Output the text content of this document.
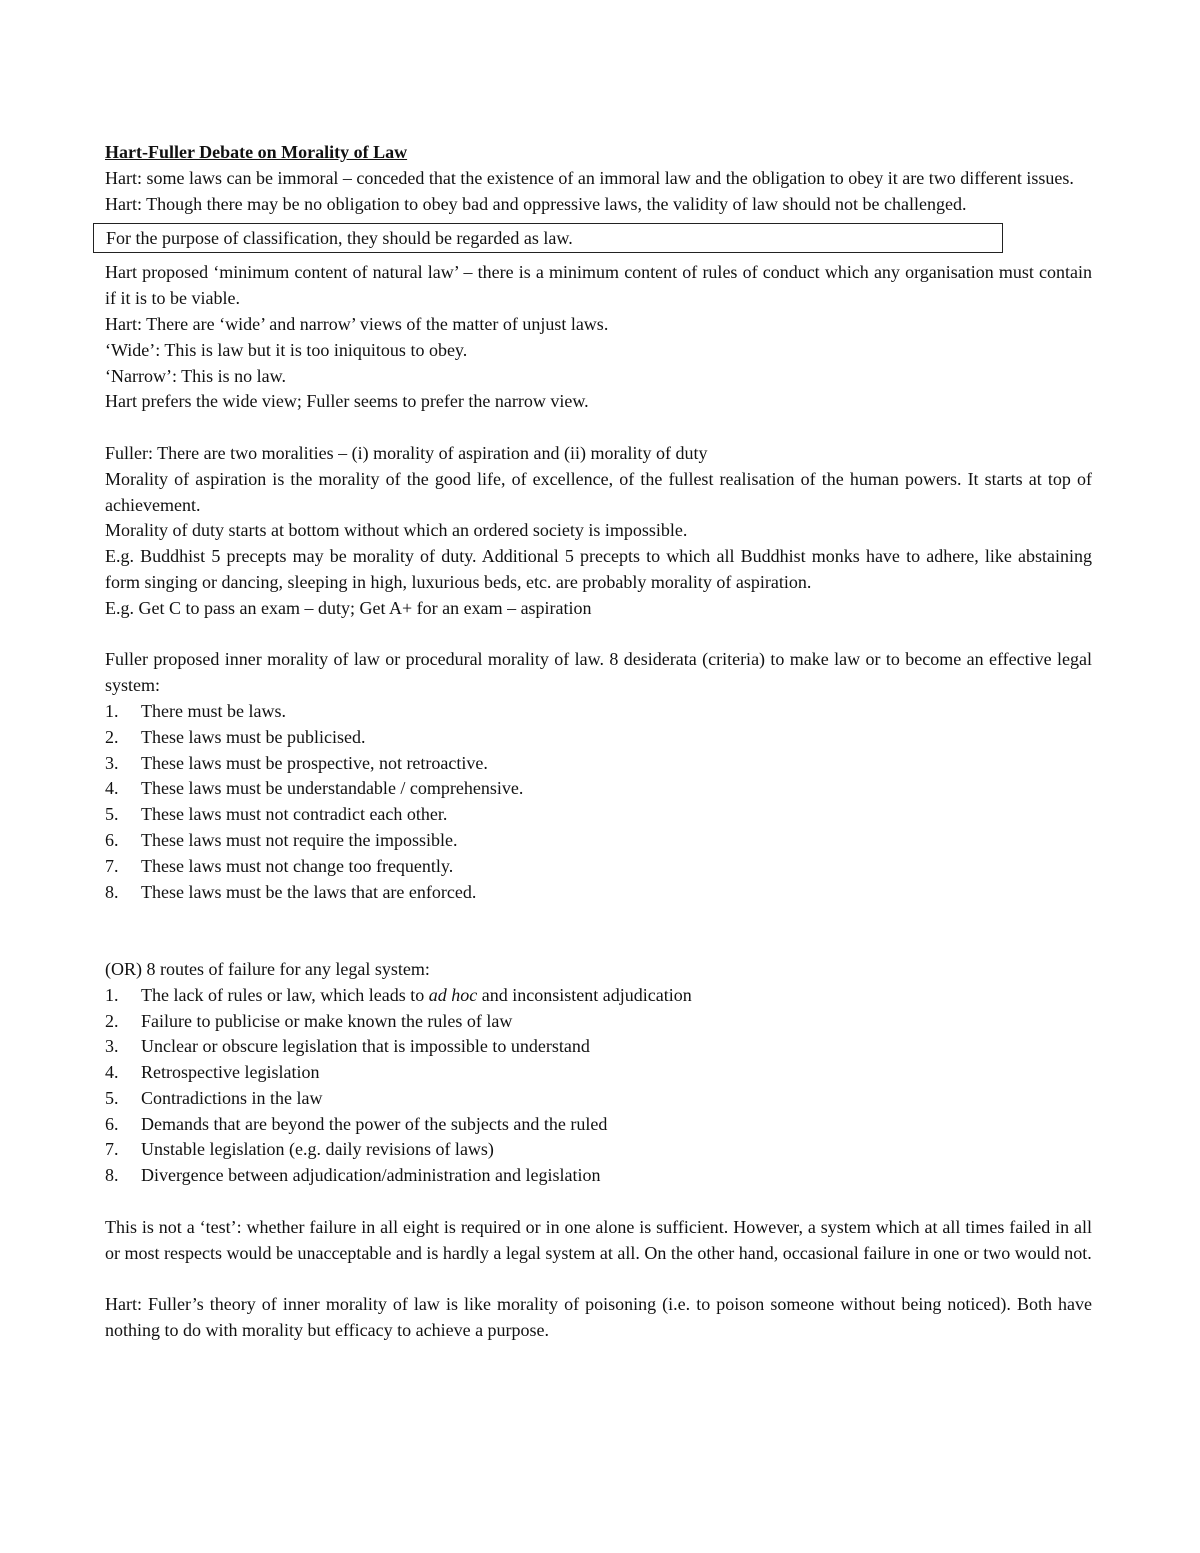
Hart-Fuller Debate on Morality of Law

Hart: some laws can be immoral – conceded that the existence of an immoral law and the obligation to obey it are two different issues.

Hart: Though there may be no obligation to obey bad and oppressive laws, the validity of law should not be challenged.

For the purpose of classification, they should be regarded as law.

Hart proposed ‘minimum content of natural law’ – there is a minimum content of rules of conduct which any organisation must contain if it is to be viable.

Hart: There are ‘wide’ and narrow’ views of the matter of unjust laws.

‘Wide’: This is law but it is too iniquitous to obey.

‘Narrow’: This is no law.

Hart prefers the wide view; Fuller seems to prefer the narrow view.

Fuller: There are two moralities – (i) morality of aspiration and (ii) morality of duty

Morality of aspiration is the morality of the good life, of excellence, of the fullest realisation of the human powers. It starts at top of achievement.

Morality of duty starts at bottom without which an ordered society is impossible.

E.g. Buddhist 5 precepts may be morality of duty. Additional 5 precepts to which all Buddhist monks have to adhere, like abstaining form singing or dancing, sleeping in high, luxurious beds, etc. are probably morality of aspiration.

E.g. Get C to pass an exam – duty; Get A+ for an exam – aspiration

Fuller proposed inner morality of law or procedural morality of law. 8 desiderata (criteria) to make law or to become an effective legal system:

1.	There must be laws.
2.	These laws must be publicised.
3.	These laws must be prospective, not retroactive.
4.	These laws must be understandable / comprehensive.
5.	These laws must not contradict each other.
6.	These laws must not require the impossible.
7.	These laws must not change too frequently.
8.	These laws must be the laws that are enforced.

(OR) 8 routes of failure for any legal system:

1.	The lack of rules or law, which leads to ad hoc and inconsistent adjudication
2.	Failure to publicise or make known the rules of law
3.	Unclear or obscure legislation that is impossible to understand
4.	Retrospective legislation
5.	Contradictions in the law
6.	Demands that are beyond the power of the subjects and the ruled
7.	Unstable legislation (e.g. daily revisions of laws)
8.	Divergence between adjudication/administration and legislation

This is not a ‘test’: whether failure in all eight is required or in one alone is sufficient. However, a system which at all times failed in all or most respects would be unacceptable and is hardly a legal system at all. On the other hand, occasional failure in one or two would not.

Hart: Fuller’s theory of inner morality of law is like morality of poisoning (i.e. to poison someone without being noticed). Both have nothing to do with morality but efficacy to achieve a purpose.
